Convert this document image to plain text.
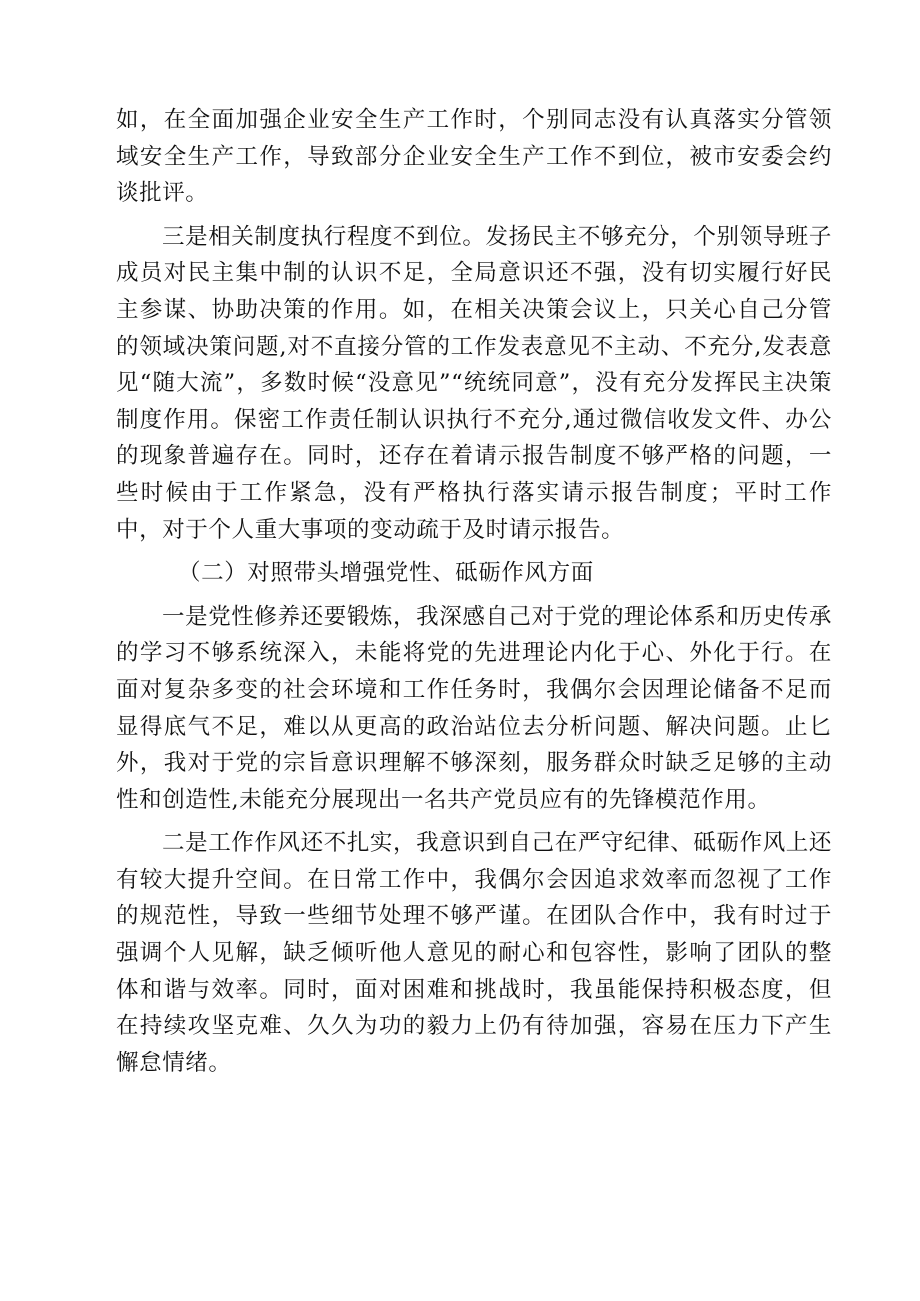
如，在全面加强企业安全生产工作时，个别同志没有认真落实分管领域安全生产工作，导致部分企业安全生产工作不到位，被市安委会约谈批评。

三是相关制度执行程度不到位。发扬民主不够充分，个别领导班子成员对民主集中制的认识不足，全局意识还不强，没有切实履行好民主参谋、协助决策的作用。如，在相关决策会议上，只关心自己分管的领域决策问题,对不直接分管的工作发表意见不主动、不充分,发表意见“随大流”，多数时候“没意见”“统统同意”，没有充分发挥民主决策制度作用。保密工作责任制认识执行不充分,通过微信收发文件、办公的现象普遍存在。同时，还存在着请示报告制度不够严格的问题，一些时候由于工作紧急，没有严格执行落实请示报告制度；平时工作中，对于个人重大事项的变动疏于及时请示报告。

（二）对照带头增强党性、砥砺作风方面

一是党性修养还要锻炼，我深感自己对于党的理论体系和历史传承的学习不够系统深入，未能将党的先进理论内化于心、外化于行。在面对复杂多变的社会环境和工作任务时，我偶尔会因理论储备不足而显得底气不足，难以从更高的政治站位去分析问题、解决问题。止匕外，我对于党的宗旨意识理解不够深刻，服务群众时缺乏足够的主动性和创造性,未能充分展现出一名共产党员应有的先锋模范作用。

二是工作作风还不扎实，我意识到自己在严守纪律、砥砺作风上还有较大提升空间。在日常工作中，我偶尔会因追求效率而忽视了工作的规范性，导致一些细节处理不够严谨。在团队合作中，我有时过于强调个人见解，缺乏倾听他人意见的耐心和包容性，影响了团队的整体和谐与效率。同时，面对困难和挑战时，我虽能保持积极态度，但在持续攻坚克难、久久为功的毅力上仍有待加强，容易在压力下产生懈怠情绪。
